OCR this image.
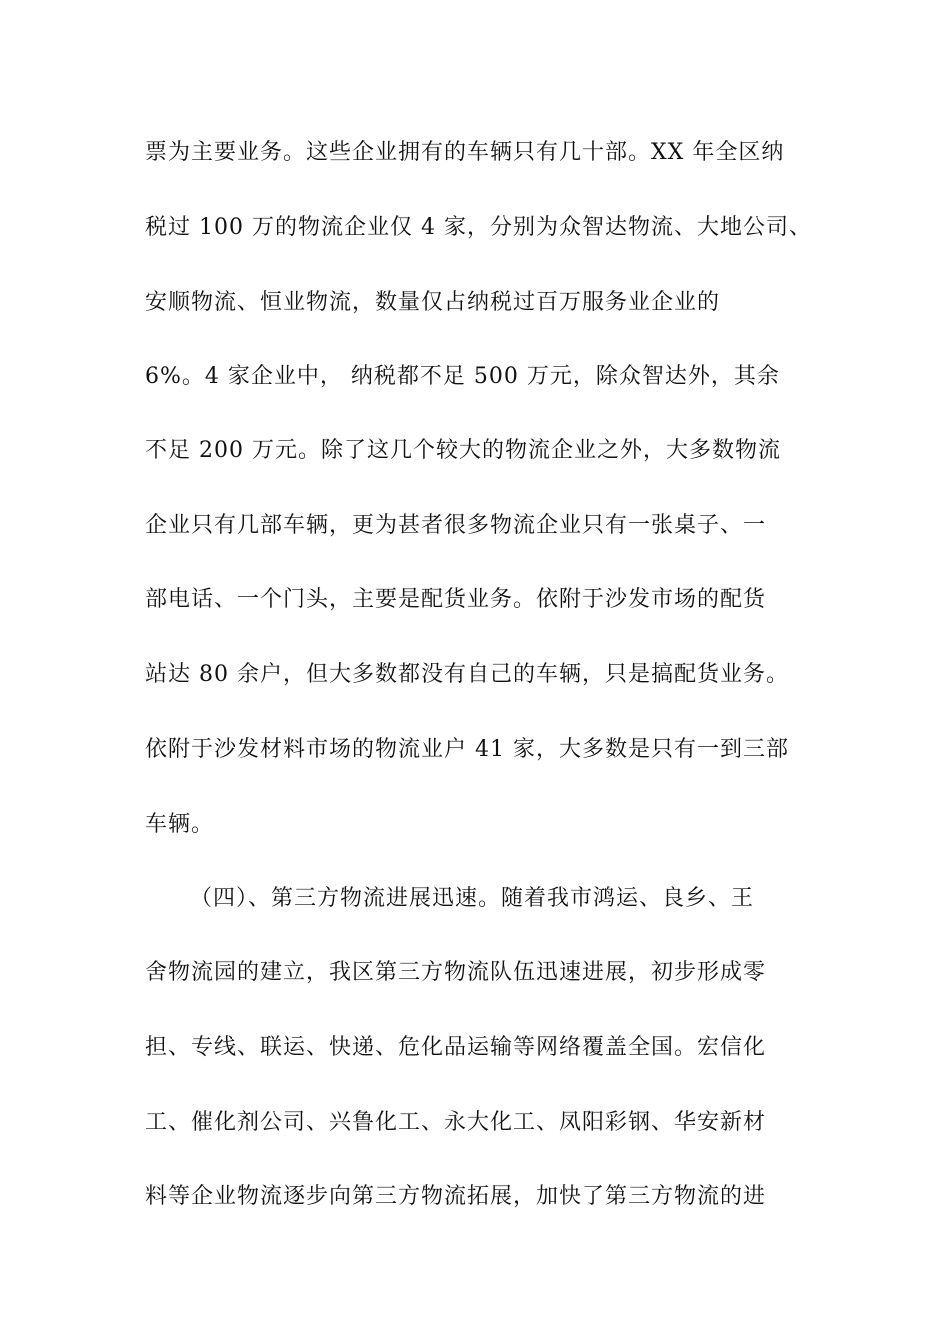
票为主要业务。这些企业拥有的车辆只有几十部。XX 年全区纳
税过 100 万的物流企业仅 4 家，分别为众智达物流、大地公司、
安顺物流、恒业物流，数量仅占纳税过百万服务业企业的
6%。4 家企业中， 纳税都不足 500 万元，除众智达外，其余
不足 200 万元。除了这几个较大的物流企业之外，大多数物流
企业只有几部车辆，更为甚者很多物流企业只有一张桌子、一
部电话、一个门头，主要是配货业务。依附于沙发市场的配货
站达 80 余户，但大多数都没有自己的车辆，只是搞配货业务。
依附于沙发材料市场的物流业户 41 家，大多数是只有一到三部
车辆。
（四）、第三方物流进展迅速。随着我市鸿运、良乡、王
舍物流园的建立，我区第三方物流队伍迅速进展，初步形成零
担、专线、联运、快递、危化品运输等网络覆盖全国。宏信化
工、催化剂公司、兴鲁化工、永大化工、凤阳彩钢、华安新材
料等企业物流逐步向第三方物流拓展，加快了第三方物流的进
